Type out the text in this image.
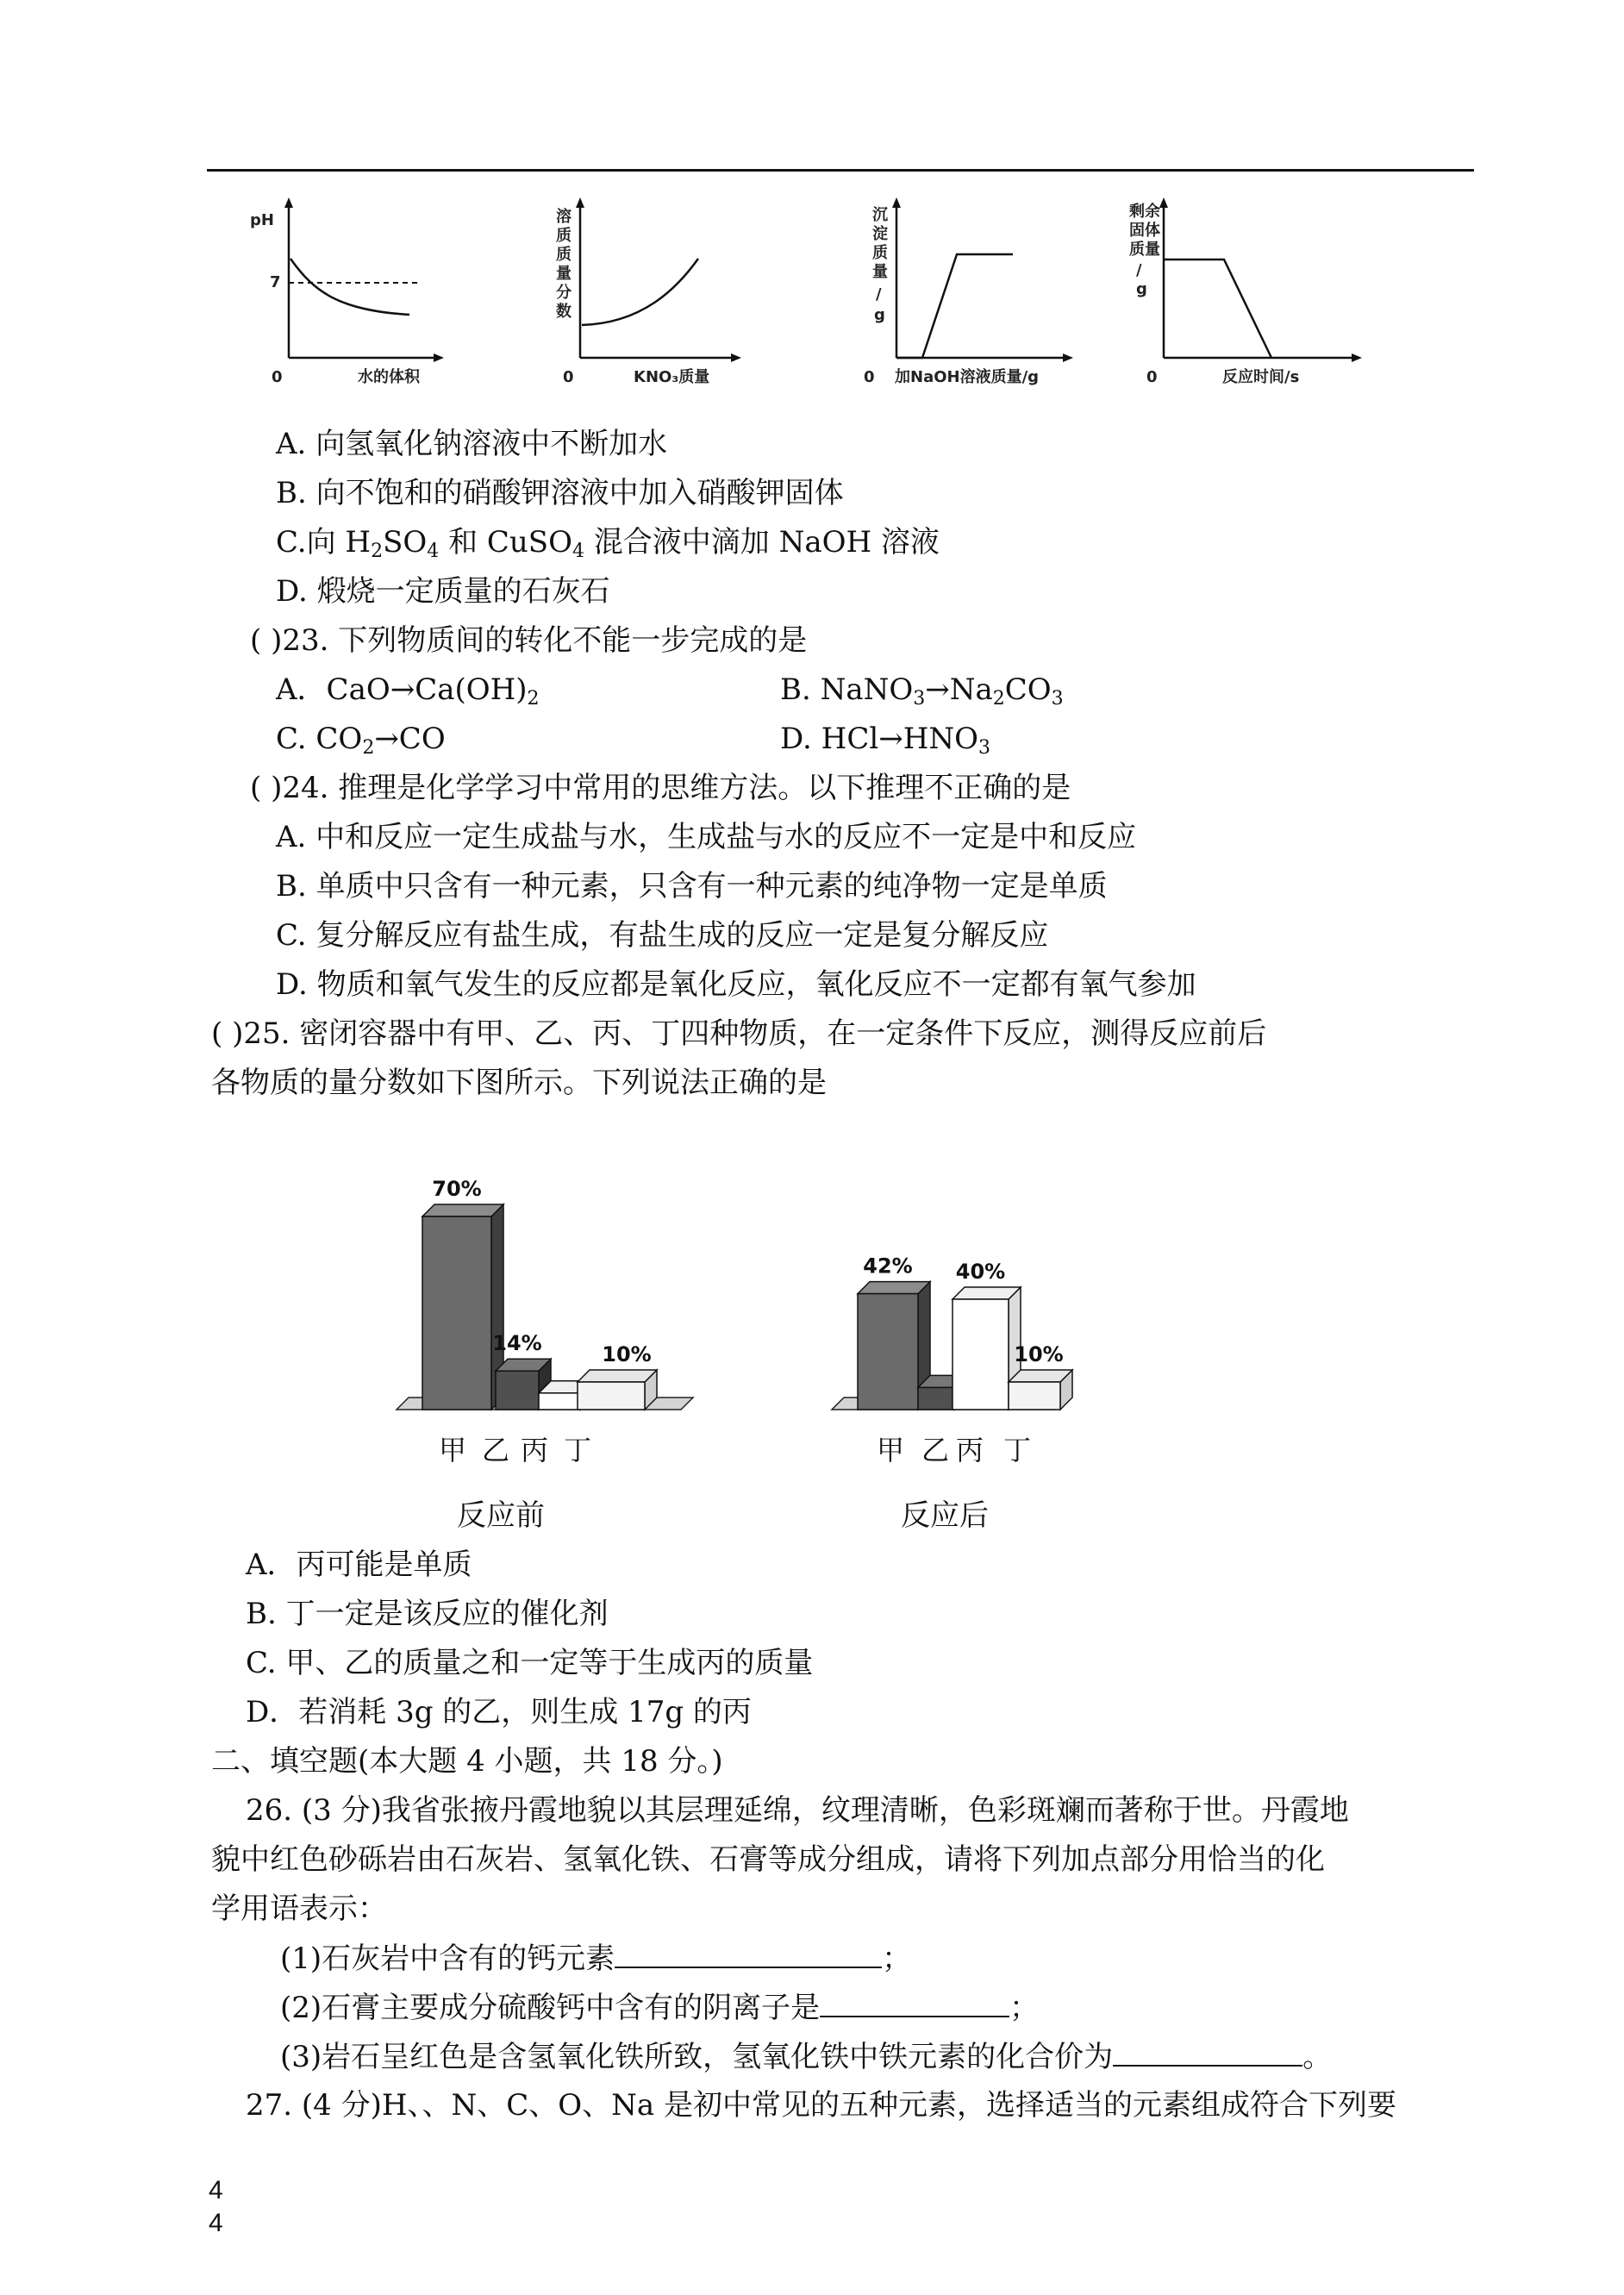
pH
7
0	水的体积
溶
质
质
量
分
数
0	KNO₃质量
沉
淀
质
量
/
g
0 加NaOH溶液质量/g
剩余
固体
质量
/
g
0	反应时间/s
A. 向氢氧化钠溶液中不断加水
B. 向不饱和的硝酸钾溶液中加入硝酸钾固体
C.向 $H_2SO_4$ 和 CuSO$_4$ 混合液中滴加 NaOH 溶液
D. 煅烧一定质量的石灰石
( )23. 下列物质间的转化不能一步完成的是
A．$CaO\to Ca(OH)_2$	B. $NaNO_3\to Na_2CO_3$
C. $CO_2\to CO$	D. $HCl\to HNO_3$
( )24. 推理是化学学习中常用的思维方法。以下推理不正确的是
A. 中和反应一定生成盐与水，生成盐与水的反应不一定是中和反应
B. 单质中只含有一种元素，只含有一种元素的纯净物一定是单质
C. 复分解反应有盐生成，有盐生成的反应一定是复分解反应
D. 物质和氧气发生的反应都是氧化反应，氧化反应不一定都有氧气参加
( )25. 密闭容器中有甲、乙、丙、丁四种物质，在一定条件下反应，测得反应前后
各物质的量分数如下图所示。下列说法正确的是
70%
甲
14%
乙 丙
10%
丁
42%
甲 乙
40%
丙
10%
丁
反应前	反应后
A．丙可能是单质
B. 丁一定是该反应的催化剂
C. 甲、乙的质量之和一定等于生成丙的质量
D．若消耗 3g 的乙，则生成 17g 的丙
二、填空题(本大题 4 小题，共 18 分。)
26. (3 分)我省张掖丹霞地貌以其层理延绵，纹理清晰，色彩斑斓而著称于世。丹霞地
貌中红色砂砾岩由石灰岩、氢氧化铁、石膏等成分组成，请将下列加点部分用恰当的化
学用语表示：
(1)石灰岩中含有的钙元素	；
(2)石膏主要成分硫酸钙中含有的阴离子是	；
(3)岩石呈红色是含氢氧化铁所致，氢氧化铁中铁元素的化合价为	。
27. (4 分)H、、N、C、O、Na 是初中常见的五种元素，选择适当的元素组成符合下列要
4
4
